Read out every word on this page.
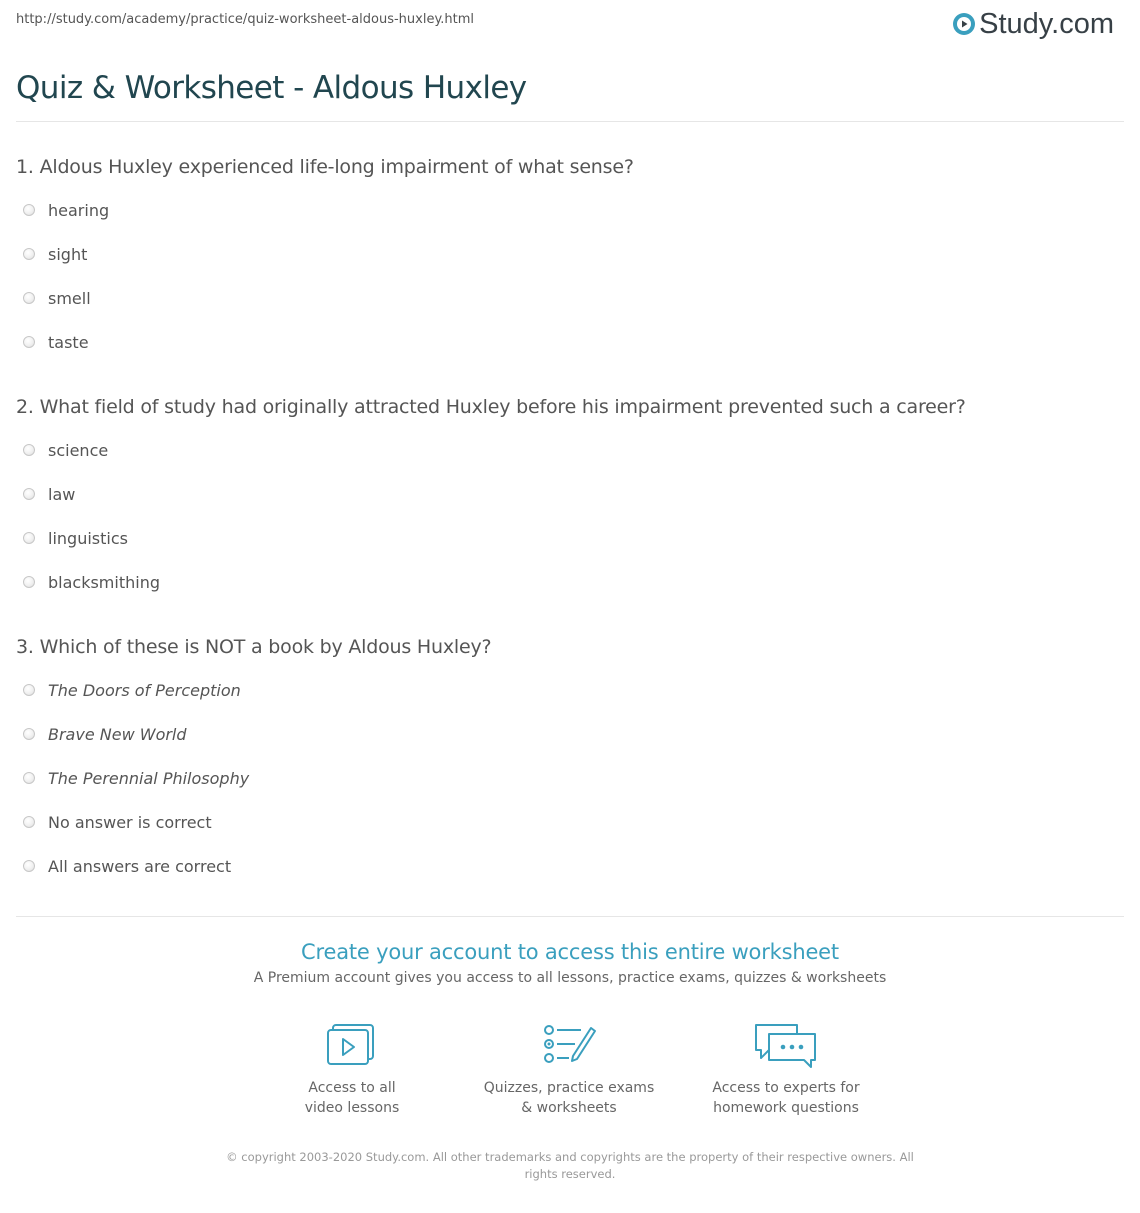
http://study.com/academy/practice/quiz-worksheet-aldous-huxley.html	Study.com
Quiz & Worksheet - Aldous Huxley
1. Aldous Huxley experienced life-long impairment of what sense?
hearing
sight
smell
taste
2. What field of study had originally attracted Huxley before his impairment prevented such a career?
science
law
linguistics
blacksmithing
3. Which of these is NOT a book by Aldous Huxley?
The Doors of Perception
Brave New World
The Perennial Philosophy
No answer is correct
All answers are correct
Create your account to access this entire worksheet
A Premium account gives you access to all lessons, practice exams, quizzes & worksheets
Access to all
video lessons
Quizzes, practice exams
& worksheets
Access to experts for
homework questions
© copyright 2003-2020 Study.com. All other trademarks and copyrights are the property of their respective owners. All rights reserved.
